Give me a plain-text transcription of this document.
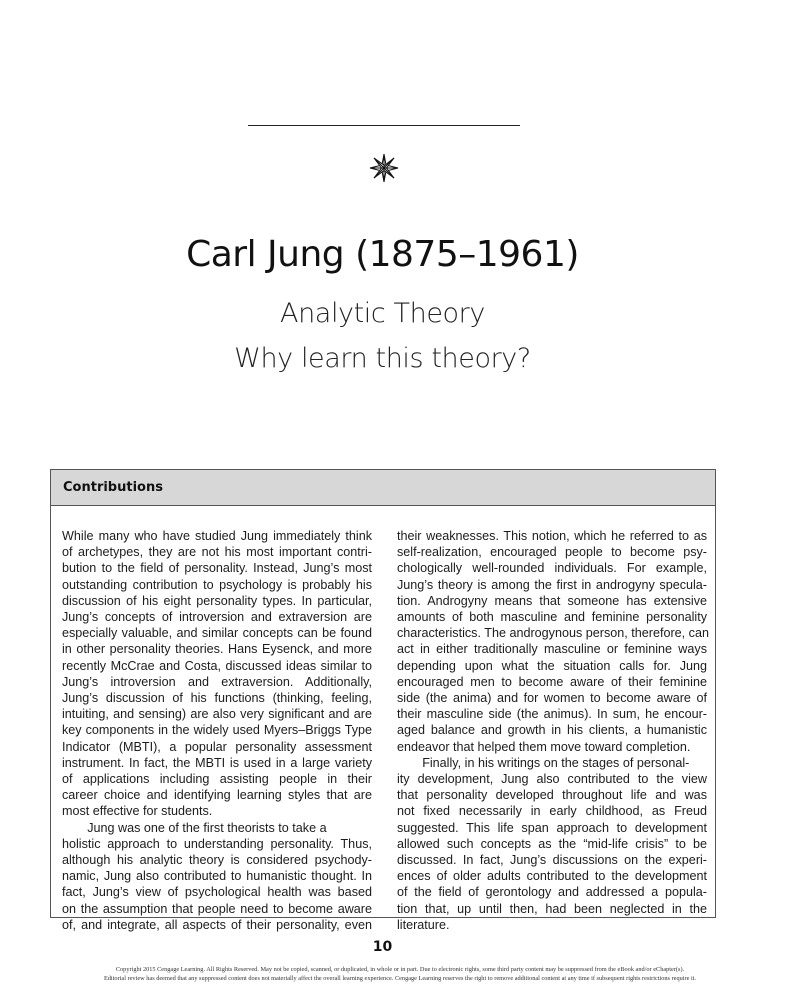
Carl Jung (1875–1961)
Analytic Theory
Why learn this theory?
Contributions
While many who have studied Jung immediately think
of archetypes, they are not his most important contri-
bution to the field of personality. Instead, Jung’s most
outstanding contribution to psychology is probably his
discussion of his eight personality types. In particular,
Jung’s concepts of introversion and extraversion are
especially valuable, and similar concepts can be found
in other personality theories. Hans Eysenck, and more
recently McCrae and Costa, discussed ideas similar to
Jung’s introversion and extraversion. Additionally,
Jung’s discussion of his functions (thinking, feeling,
intuiting, and sensing) are also very significant and are
key components in the widely used Myers–Briggs Type
Indicator (MBTI), a popular personality assessment
instrument. In fact, the MBTI is used in a large variety
of applications including assisting people in their
career choice and identifying learning styles that are
most effective for students.
  Jung was one of the first theorists to take a
holistic approach to understanding personality. Thus,
although his analytic theory is considered psychody-
namic, Jung also contributed to humanistic thought. In
fact, Jung’s view of psychological health was based
on the assumption that people need to become aware
of, and integrate, all aspects of their personality, even
their weaknesses. This notion, which he referred to as
self-realization, encouraged people to become psy-
chologically well-rounded individuals. For example,
Jung’s theory is among the first in androgyny specula-
tion. Androgyny means that someone has extensive
amounts of both masculine and feminine personality
characteristics. The androgynous person, therefore, can
act in either traditionally masculine or feminine ways
depending upon what the situation calls for. Jung
encouraged men to become aware of their feminine
side (the anima) and for women to become aware of
their masculine side (the animus). In sum, he encour-
aged balance and growth in his clients, a humanistic
endeavor that helped them move toward completion.
  Finally, in his writings on the stages of personal-
ity development, Jung also contributed to the view
that personality developed throughout life and was
not fixed necessarily in early childhood, as Freud
suggested. This life span approach to development
allowed such concepts as the “mid-life crisis” to be
discussed. In fact, Jung’s discussions on the experi-
ences of older adults contributed to the development
of the field of gerontology and addressed a popula-
tion that, up until then, had been neglected in the
literature.
10
Copyright 2015 Cengage Learning. All Rights Reserved. May not be copied, scanned, or duplicated, in whole or in part. Due to electronic rights, some third party content may be suppressed from the eBook and/or eChapter(s).
Editorial review has deemed that any suppressed content does not materially affect the overall learning experience. Cengage Learning reserves the right to remove additional content at any time if subsequent rights restrictions require it.
